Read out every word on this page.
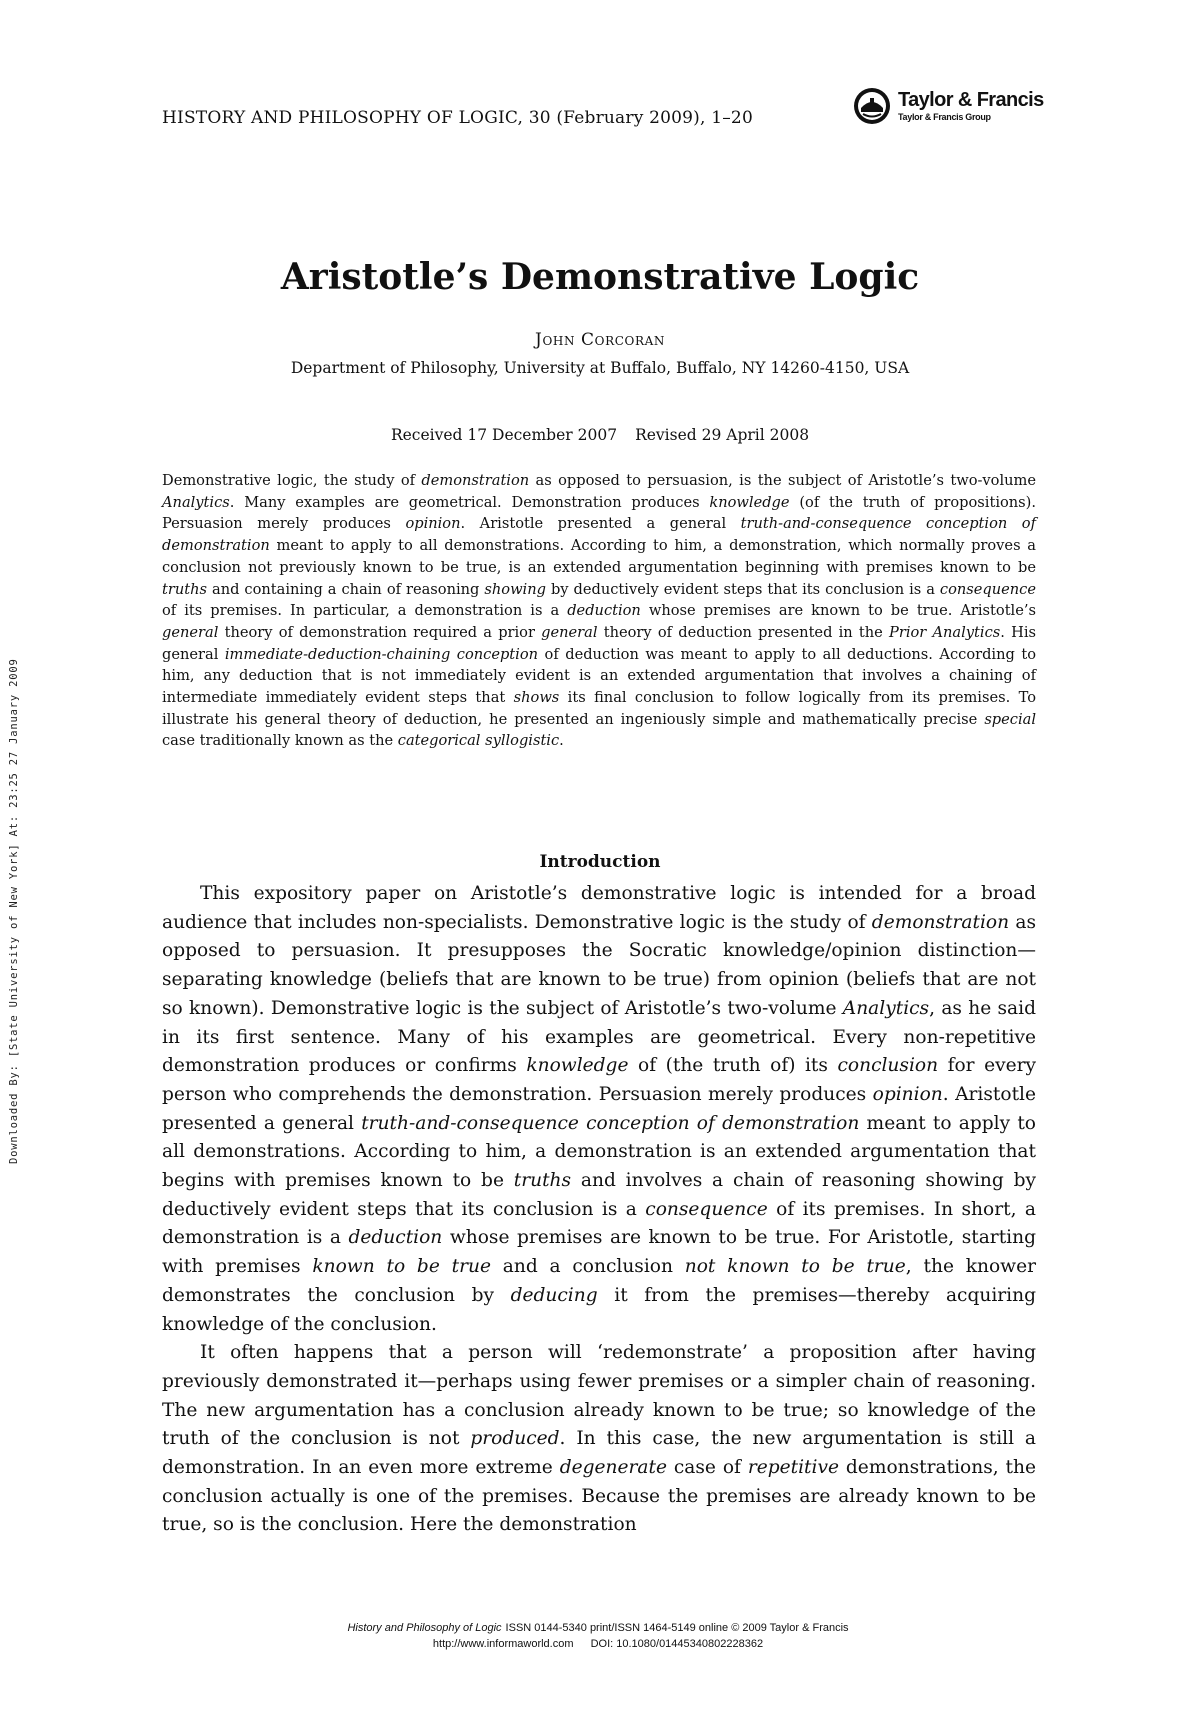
HISTORY AND PHILOSOPHY OF LOGIC, 30 (February 2009), 1–20
Taylor & Francis
Taylor & Francis Group
Aristotle’s Demonstrative Logic
John Corcoran
Department of Philosophy, University at Buffalo, Buffalo, NY 14260-4150, USA
Received 17 December 2007 Revised 29 April 2008

Demonstrative logic, the study of demonstration as opposed to persuasion, is the subject of Aristotle’s two-volume Analytics. Many examples are geometrical. Demonstration produces knowledge (of the truth of propositions). Persuasion merely produces opinion. Aristotle presented a general truth-and-consequence conception of demonstration meant to apply to all demonstrations. According to him, a demonstration, which normally proves a conclusion not previously known to be true, is an extended argumentation beginning with premises known to be truths and containing a chain of reasoning showing by deductively evident steps that its conclusion is a consequence of its premises. In particular, a demonstration is a deduction whose premises are known to be true. Aristotle’s general theory of demonstration required a prior general theory of deduction presented in the Prior Analytics. His general immediate-deduction-chaining conception of deduction was meant to apply to all deductions. According to him, any deduction that is not immediately evident is an extended argumentation that involves a chaining of intermediate immediately evident steps that shows its final conclusion to follow logically from its premises. To illustrate his general theory of deduction, he presented an ingeniously simple and mathematically precise special case traditionally known as the categorical syllogistic.

Introduction

This expository paper on Aristotle’s demonstrative logic is intended for a broad audience that includes non-specialists. Demonstrative logic is the study of demonstration as opposed to persuasion. It presupposes the Socratic knowledge/opinion distinction—separating knowledge (beliefs that are known to be true) from opinion (beliefs that are not so known). Demonstrative logic is the subject of Aristotle’s two-volume Analytics, as he said in its first sentence. Many of his examples are geometrical. Every non-repetitive demonstration produces or confirms knowledge of (the truth of) its conclusion for every person who comprehends the demonstration. Persuasion merely produces opinion. Aristotle presented a general truth-and-consequence conception of demonstration meant to apply to all demonstrations. According to him, a demonstration is an extended argumentation that begins with premises known to be truths and involves a chain of reasoning showing by deductively evident steps that its conclusion is a consequence of its premises. In short, a demonstration is a deduction whose premises are known to be true. For Aristotle, starting with premises known to be true and a conclusion not known to be true, the knower demonstrates the conclusion by deducing it from the premises—thereby acquiring knowledge of the conclusion.

It often happens that a person will ‘redemonstrate’ a proposition after having previously demonstrated it—perhaps using fewer premises or a simpler chain of reasoning. The new argumentation has a conclusion already known to be true; so knowledge of the truth of the conclusion is not produced. In this case, the new argumentation is still a demonstration. In an even more extreme degenerate case of repetitive demonstrations, the conclusion actually is one of the premises. Because the premises are already known to be true, so is the conclusion. Here the demonstration

History and Philosophy of Logic ISSN 0144-5340 print/ISSN 1464-5149 online © 2009 Taylor & Francis
http://www.informaworld.com DOI: 10.1080/01445340802228362
Downloaded By: [State University of New York] At: 23:25 27 January 2009
